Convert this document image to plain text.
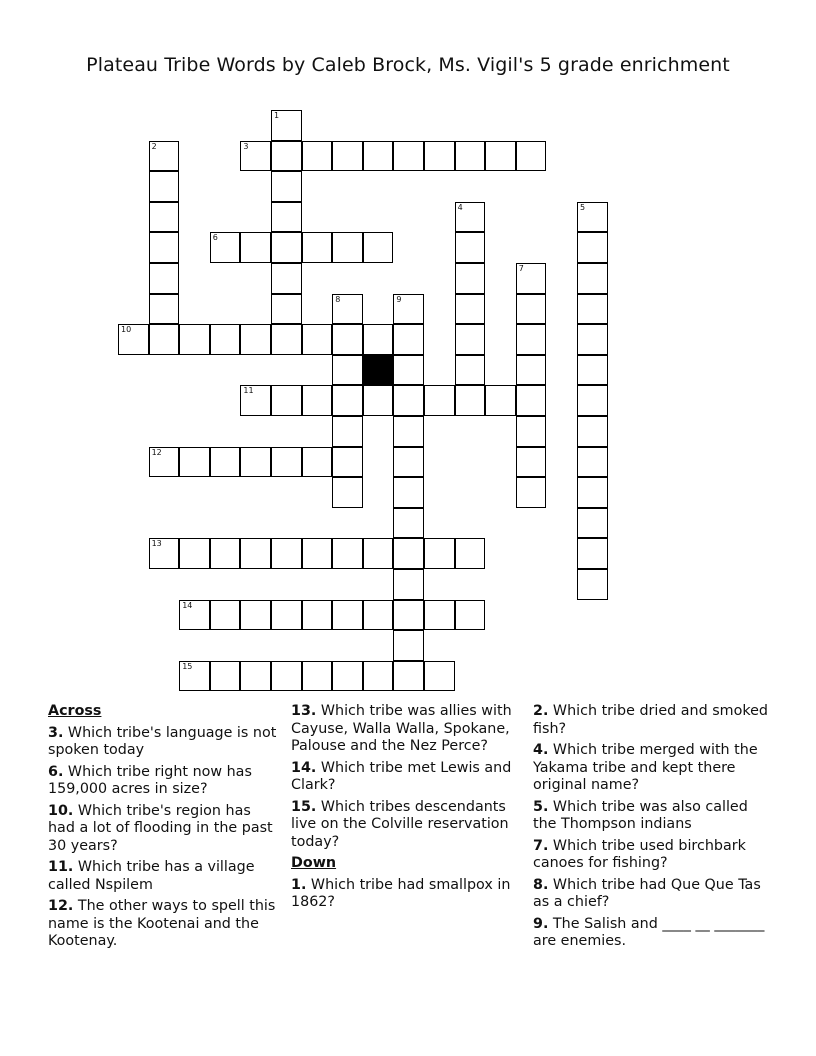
Plateau Tribe Words by Caleb Brock, Ms. Vigil's 5 grade enrichment
1
2	3
6
4	5
7
10
8	9
11
12
13
14
15
Across
3. Which tribe's language is not spoken today
6. Which tribe right now has 159,000 acres in size?
10. Which tribe's region has had a lot of flooding in the past 30 years?
11. Which tribe has a village called Nspilem
12. The other ways to spell this name is the Kootenai and the Kootenay.
13. Which tribe was allies with Cayuse, Walla Walla, Spokane, Palouse and the Nez Perce?
14. Which tribe met Lewis and Clark?
15. Which tribes descendants live on the Colville reservation today?
Down
1. Which tribe had smallpox in 1862?
2. Which tribe dried and smoked fish?
4. Which tribe merged with the Yakama tribe and kept there original name?
5. Which tribe was also called the Thompson indians
7. Which tribe used birchbark canoes for fishing?
8. Which tribe had Que Que Tas as a chief?
9. The Salish and ____ __ _______ are enemies.
